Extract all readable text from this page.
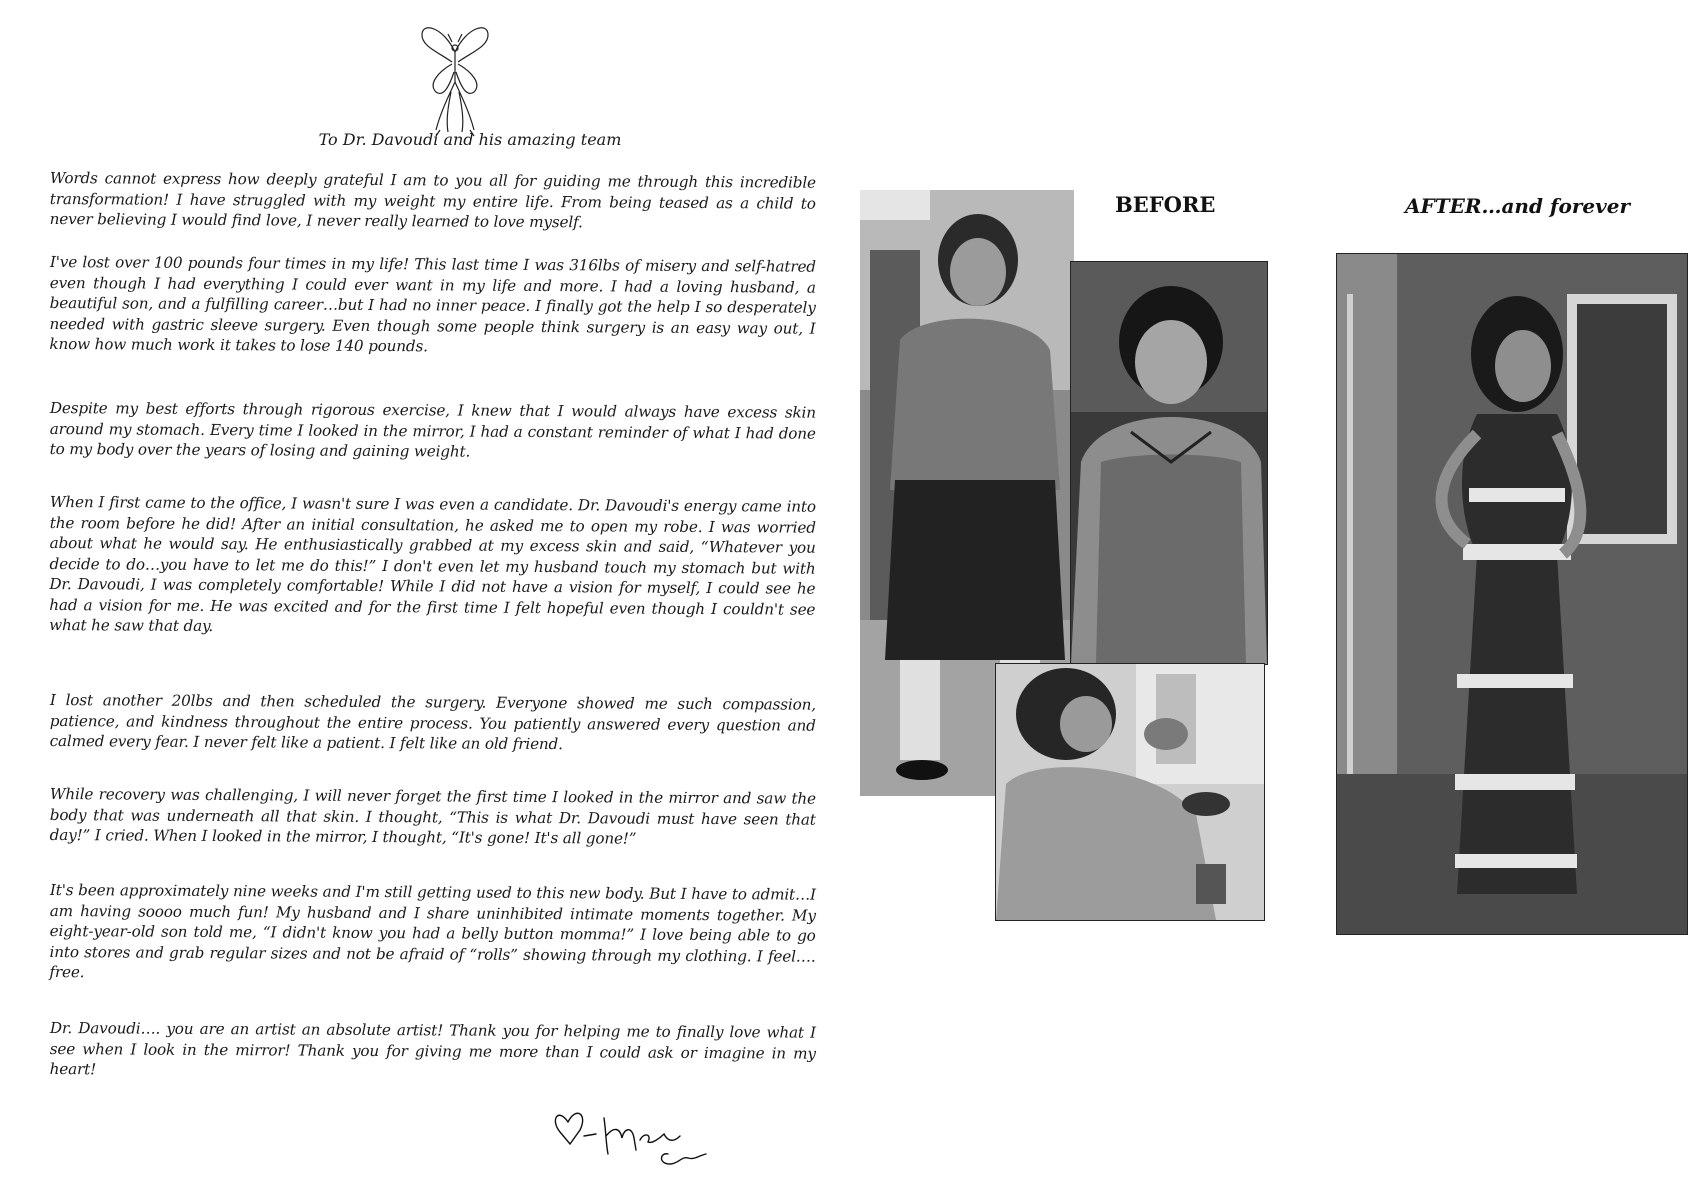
To Dr. Davoudi and his amazing team

Words cannot express how deeply grateful I am to you all for guiding me through this incredible transformation! I have struggled with my weight my entire life. From being teased as a child to never believing I would find love, I never really learned to love myself.

I've lost over 100 pounds four times in my life! This last time I was 316lbs of misery and self-hatred even though I had everything I could ever want in my life and more. I had a loving husband, a beautiful son, and a fulfilling career…but I had no inner peace. I finally got the help I so desperately needed with gastric sleeve surgery. Even though some people think surgery is an easy way out, I know how much work it takes to lose 140 pounds.

Despite my best efforts through rigorous exercise, I knew that I would always have excess skin around my stomach. Every time I looked in the mirror, I had a constant reminder of what I had done to my body over the years of losing and gaining weight.

When I first came to the office, I wasn't sure I was even a candidate. Dr. Davoudi's energy came into the room before he did! After an initial consultation, he asked me to open my robe. I was worried about what he would say. He enthusiastically grabbed at my excess skin and said, “Whatever you decide to do…you have to let me do this!” I don't even let my husband touch my stomach but with Dr. Davoudi, I was completely comfortable! While I did not have a vision for myself, I could see he had a vision for me. He was excited and for the first time I felt hopeful even though I couldn't see what he saw that day.

I lost another 20lbs and then scheduled the surgery. Everyone showed me such compassion, patience, and kindness throughout the entire process. You patiently answered every question and calmed every fear. I never felt like a patient. I felt like an old friend.

While recovery was challenging, I will never forget the first time I looked in the mirror and saw the body that was underneath all that skin. I thought, “This is what Dr. Davoudi must have seen that day!” I cried. When I looked in the mirror, I thought, “It's gone! It's all gone!”

It's been approximately nine weeks and I'm still getting used to this new body. But I have to admit…I am having soooo much fun! My husband and I share uninhibited intimate moments together. My eight-year-old son told me, “I didn't know you had a belly button momma!” I love being able to go into stores and grab regular sizes and not be afraid of “rolls” showing through my clothing. I feel…. free.

Dr. Davoudi…. you are an artist an absolute artist! Thank you for helping me to finally love what I see when I look in the mirror! Thank you for giving me more than I could ask or imagine in my heart!

BEFORE	AFTER…and forever
